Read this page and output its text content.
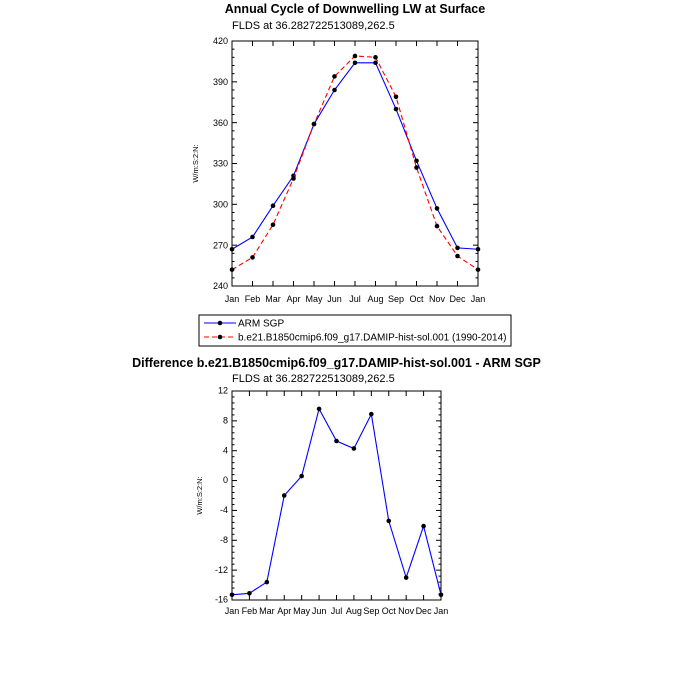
Annual Cycle of Downwelling LW at Surface
FLDS at 36.282722513089,262.5
240
270
300
330
360
390
420
Jan Feb Mar Apr May Jun Jul Aug Sep Oct Nov Dec Jan
W/m:S:2:N:
ARM SGP
b.e21.B1850cmip6.f09_g17.DAMIP-hist-sol.001 (1990-2014)
Difference b.e21.B1850cmip6.f09_g17.DAMIP-hist-sol.001 - ARM SGP
FLDS at 36.282722513089,262.5
-16
-12
-8
-4
0
4
8
12
Jan Feb Mar Apr May Jun Jul Aug Sep Oct Nov Dec Jan
W/m:S:2:N:
